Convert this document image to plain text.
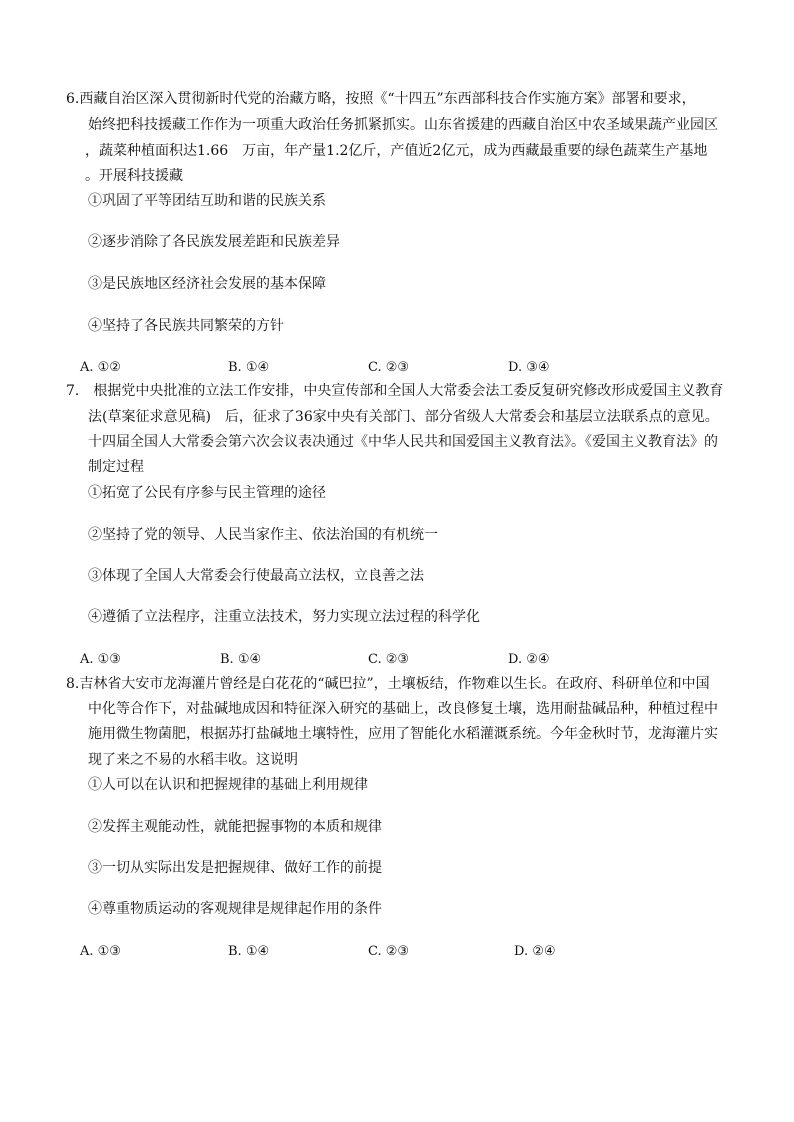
6.西藏自治区深入贯彻新时代党的治藏方略，按照《“十四五”东西部科技合作实施方案》部署和要求，
始终把科技援藏工作作为一项重大政治任务抓紧抓实。山东省援建的西藏自治区中农圣域果蔬产业园区
，蔬菜种植面积达1.66　万亩，年产量1.2亿斤，产值近2亿元，成为西藏最重要的绿色蔬菜生产基地
。开展科技援藏
①巩固了平等团结互助和谐的民族关系
②逐步消除了各民族发展差距和民族差异
③是民族地区经济社会发展的基本保障
④坚持了各民族共同繁荣的方针
A. ①②	B. ①④	C. ②③	D. ③④
7.　根据党中央批准的立法工作安排，中央宣传部和全国人大常委会法工委反复研究修改形成爱国主义教育
法(草案征求意见稿)　后，征求了36家中央有关部门、部分省级人大常委会和基层立法联系点的意见。
十四届全国人大常委会第六次会议表决通过《中华人民共和国爱国主义教育法》。《爱国主义教育法》的
制定过程
①拓宽了公民有序参与民主管理的途径
②坚持了党的领导、人民当家作主、依法治国的有机统一
③体现了全国人大常委会行使最高立法权，立良善之法
④遵循了立法程序，注重立法技术，努力实现立法过程的科学化
A. ①③	B. ①④	C. ②③	D. ②④
8.吉林省大安市龙海灌片曾经是白花花的“碱巴拉”，土壤板结，作物难以生长。在政府、科研单位和中国
中化等合作下，对盐碱地成因和特征深入研究的基础上，改良修复土壤，选用耐盐碱品种，种植过程中
施用微生物菌肥，根据苏打盐碱地土壤特性，应用了智能化水稻灌溉系统。今年金秋时节，龙海灌片实
现了来之不易的水稻丰收。这说明
①人可以在认识和把握规律的基础上利用规律
②发挥主观能动性，就能把握事物的本质和规律
③一切从实际出发是把握规律、做好工作的前提
④尊重物质运动的客观规律是规律起作用的条件
A. ①③	B. ①④	C. ②③	D. ②④
